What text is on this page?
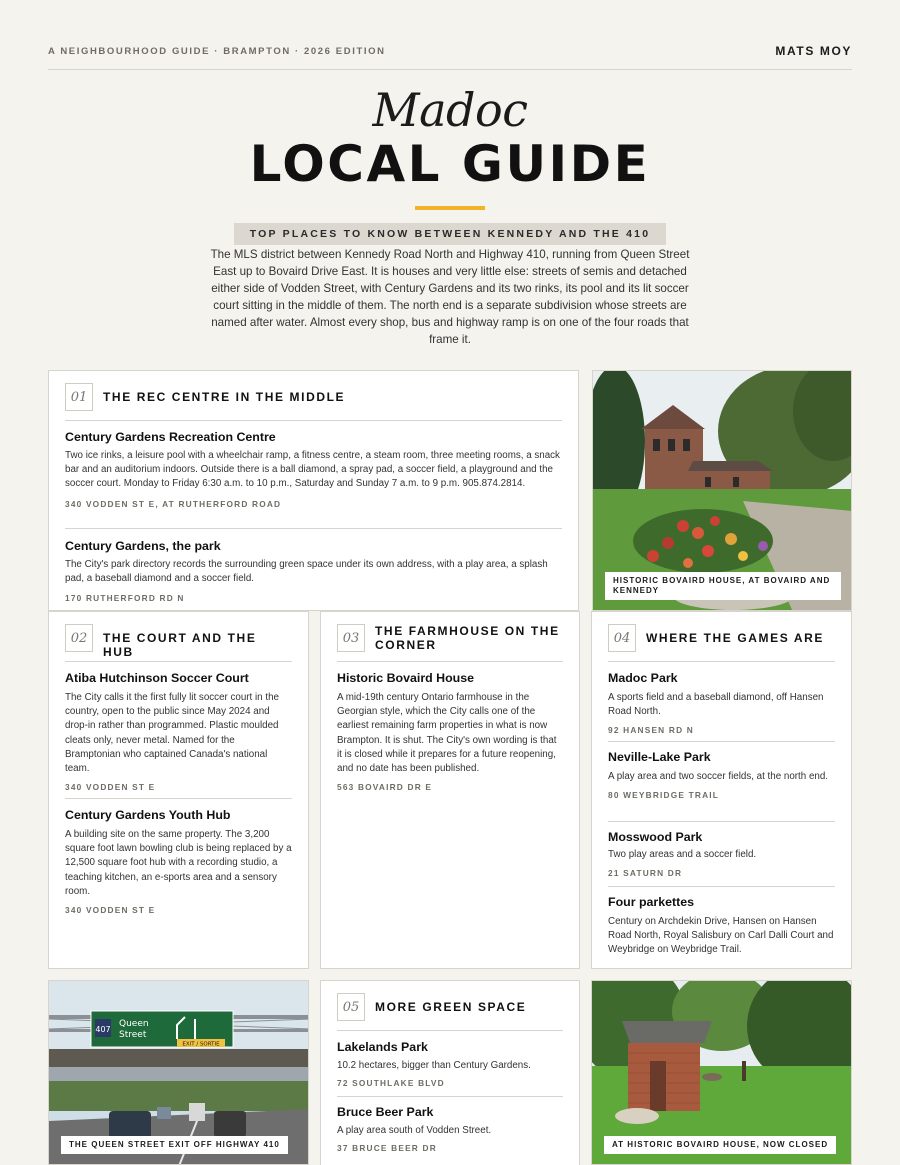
A NEIGHBOURHOOD GUIDE · BRAMPTON · 2026 EDITION	MATS MOY
Madoc
LOCAL GUIDE
TOP PLACES TO KNOW BETWEEN KENNEDY AND THE 410
The MLS district between Kennedy Road North and Highway 410, running from Queen Street East up to Bovaird Drive East. It is houses and very little else: streets of semis and detached either side of Vodden Street, with Century Gardens and its two rinks, its pool and its lit soccer court sitting in the middle of them. The north end is a separate subdivision whose streets are named after water. Almost every shop, bus and highway ramp is on one of the four roads that frame it.
01	THE REC CENTRE IN THE MIDDLE
Century Gardens Recreation Centre
Two ice rinks, a leisure pool with a wheelchair ramp, a fitness centre, a steam room, three meeting rooms, a snack bar and an auditorium indoors. Outside there is a ball diamond, a spray pad, a soccer field, a playground and the soccer court. Monday to Friday 6:30 a.m. to 10 p.m., Saturday and Sunday 7 a.m. to 9 p.m. 905.874.2814.
340 VODDEN ST E, AT RUTHERFORD ROAD
Century Gardens, the park
The City's park directory records the surrounding green space under its own address, with a play area, a splash pad, a baseball diamond and a soccer field.
170 RUTHERFORD RD N
HISTORIC BOVAIRD HOUSE, AT BOVAIRD AND KENNEDY
02	THE COURT AND THE HUB
Atiba Hutchinson Soccer Court
The City calls it the first fully lit soccer court in the country, open to the public since May 2024 and drop-in rather than programmed. Plastic moulded cleats only, never metal. Named for the Bramptonian who captained Canada's national team.
340 VODDEN ST E
Century Gardens Youth Hub
A building site on the same property. The 3,200 square foot lawn bowling club is being replaced by a 12,500 square foot hub with a recording studio, a teaching kitchen, an e-sports area and a sensory room.
340 VODDEN ST E
03	THE FARMHOUSE ON THE
CORNER
Historic Bovaird House
A mid-19th century Ontario farmhouse in the Georgian style, which the City calls one of the earliest remaining farm properties in what is now Brampton. It is shut. The City's own wording is that it is closed while it prepares for a future reopening, and no date has been published.
563 BOVAIRD DR E
04	WHERE THE GAMES ARE
Madoc Park
A sports field and a baseball diamond, off Hansen Road North.
92 HANSEN RD N
Neville-Lake Park
A play area and two soccer fields, at the north end.
80 WEYBRIDGE TRAIL
Mosswood Park
Two play areas and a soccer field.
21 SATURN DR
Four parkettes
Century on Archdekin Drive, Hansen on Hansen Road North, Royal Salisbury on Carl Dalli Court and Weybridge on Weybridge Trail.
407
Queen
Street
EXIT / SORTIE
THE QUEEN STREET EXIT OFF HIGHWAY 410
05	MORE GREEN SPACE
Lakelands Park
10.2 hectares, bigger than Century Gardens.
72 SOUTHLAKE BLVD
Bruce Beer Park
A play area south of Vodden Street.
37 BRUCE BEER DR	AT HISTORIC BOVAIRD HOUSE, NOW CLOSED
